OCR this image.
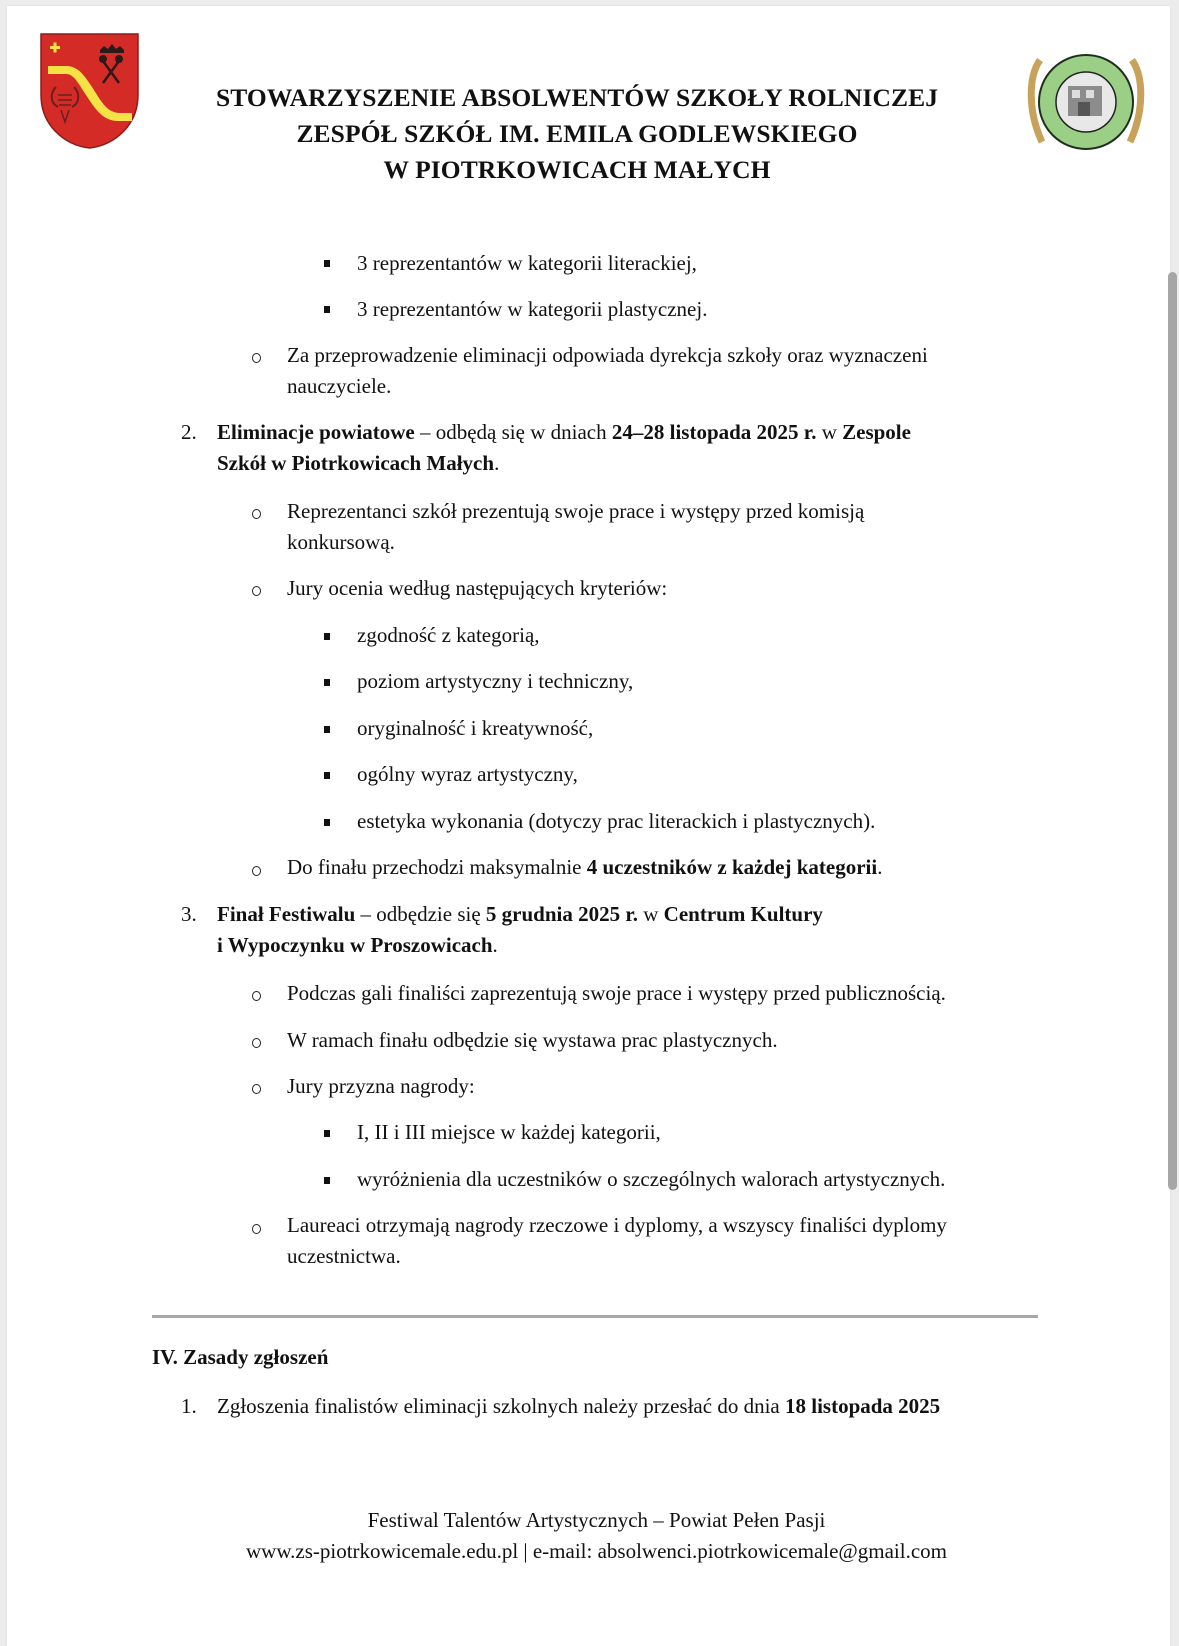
STOWARZYSZENIE ABSOLWENTÓW SZKOŁY ROLNICZEJ
ZESPÓŁ SZKÓŁ IM. EMILA GODLEWSKIEGO
W PIOTRKOWICACH MAŁYCH
3 reprezentantów w kategorii literackiej,
3 reprezentantów w kategorii plastycznej.
Za przeprowadzenie eliminacji odpowiada dyrekcja szkoły oraz wyznaczeni
nauczyciele.
2. Eliminacje powiatowe – odbędą się w dniach 24–28 listopada 2025 r. w Zespole
Szkół w Piotrkowicach Małych.
Reprezentanci szkół prezentują swoje prace i występy przed komisją
konkursową.
Jury ocenia według następujących kryteriów:
zgodność z kategorią,
poziom artystyczny i techniczny,
oryginalność i kreatywność,
ogólny wyraz artystyczny,
estetyka wykonania (dotyczy prac literackich i plastycznych).
Do finału przechodzi maksymalnie 4 uczestników z każdej kategorii.
3. Finał Festiwalu – odbędzie się 5 grudnia 2025 r. w Centrum Kultury
i Wypoczynku w Proszowicach.
Podczas gali finaliści zaprezentują swoje prace i występy przed publicznością.
W ramach finału odbędzie się wystawa prac plastycznych.
Jury przyzna nagrody:
I, II i III miejsce w każdej kategorii,
wyróżnienia dla uczestników o szczególnych walorach artystycznych.
Laureaci otrzymają nagrody rzeczowe i dyplomy, a wszyscy finaliści dyplomy
uczestnictwa.
IV. Zasady zgłoszeń
1. Zgłoszenia finalistów eliminacji szkolnych należy przesłać do dnia 18 listopada 2025
Festiwal Talentów Artystycznych – Powiat Pełen Pasji
www.zs-piotrkowicemale.edu.pl | e-mail: absolwenci.piotrkowicemale@gmail.com
